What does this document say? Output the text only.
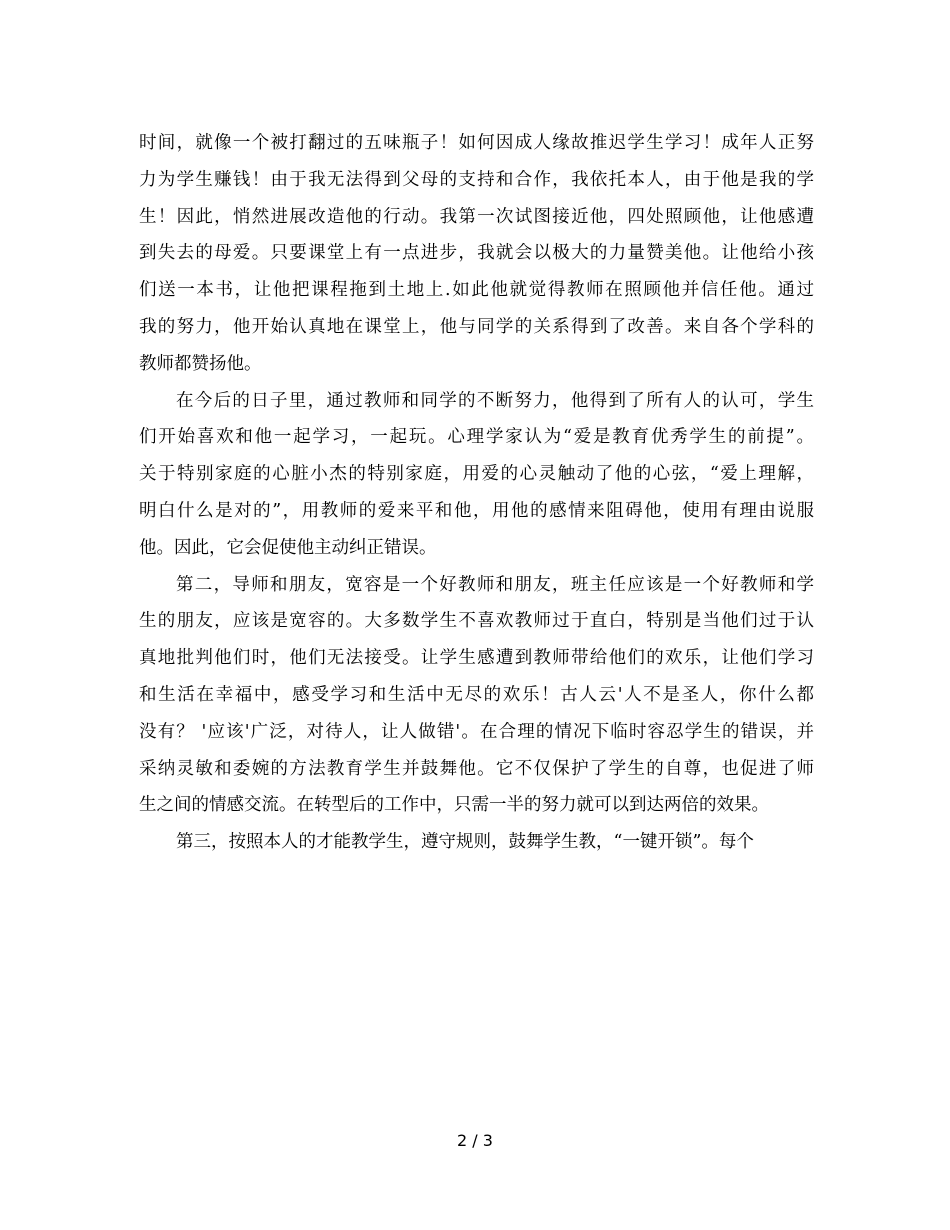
时间，就像一个被打翻过的五味瓶子！如何因成人缘故推迟学生学习！成年人正努
力为学生赚钱！由于我无法得到父母的支持和合作，我依托本人，由于他是我的学
生！因此，悄然进展改造他的行动。我第一次试图接近他，四处照顾他，让他感遭
到失去的母爱。只要课堂上有一点进步，我就会以极大的力量赞美他。让他给小孩
们送一本书，让他把课程拖到土地上.如此他就觉得教师在照顾他并信任他。通过
我的努力，他开始认真地在课堂上，他与同学的关系得到了改善。来自各个学科的
教师都赞扬他。
在今后的日子里，通过教师和同学的不断努力，他得到了所有人的认可，学生
们开始喜欢和他一起学习，一起玩。心理学家认为“爱是教育优秀学生的前提”。
关于特别家庭的心脏小杰的特别家庭，用爱的心灵触动了他的心弦，“爱上理解，
明白什么是对的”，用教师的爱来平和他，用他的感情来阻碍他，使用有理由说服
他。因此，它会促使他主动纠正错误。
第二，导师和朋友，宽容是一个好教师和朋友，班主任应该是一个好教师和学
生的朋友，应该是宽容的。大多数学生不喜欢教师过于直白，特别是当他们过于认
真地批判他们时，他们无法接受。让学生感遭到教师带给他们的欢乐，让他们学习
和生活在幸福中，感受学习和生活中无尽的欢乐！古人云'人不是圣人，你什么都
没有？ '应该'广泛，对待人，让人做错'。在合理的情况下临时容忍学生的错误，并
采纳灵敏和委婉的方法教育学生并鼓舞他。它不仅保护了学生的自尊，也促进了师
生之间的情感交流。在转型后的工作中，只需一半的努力就可以到达两倍的效果。
第三，按照本人的才能教学生，遵守规则，鼓舞学生教，“一键开锁”。每个
2 / 3
